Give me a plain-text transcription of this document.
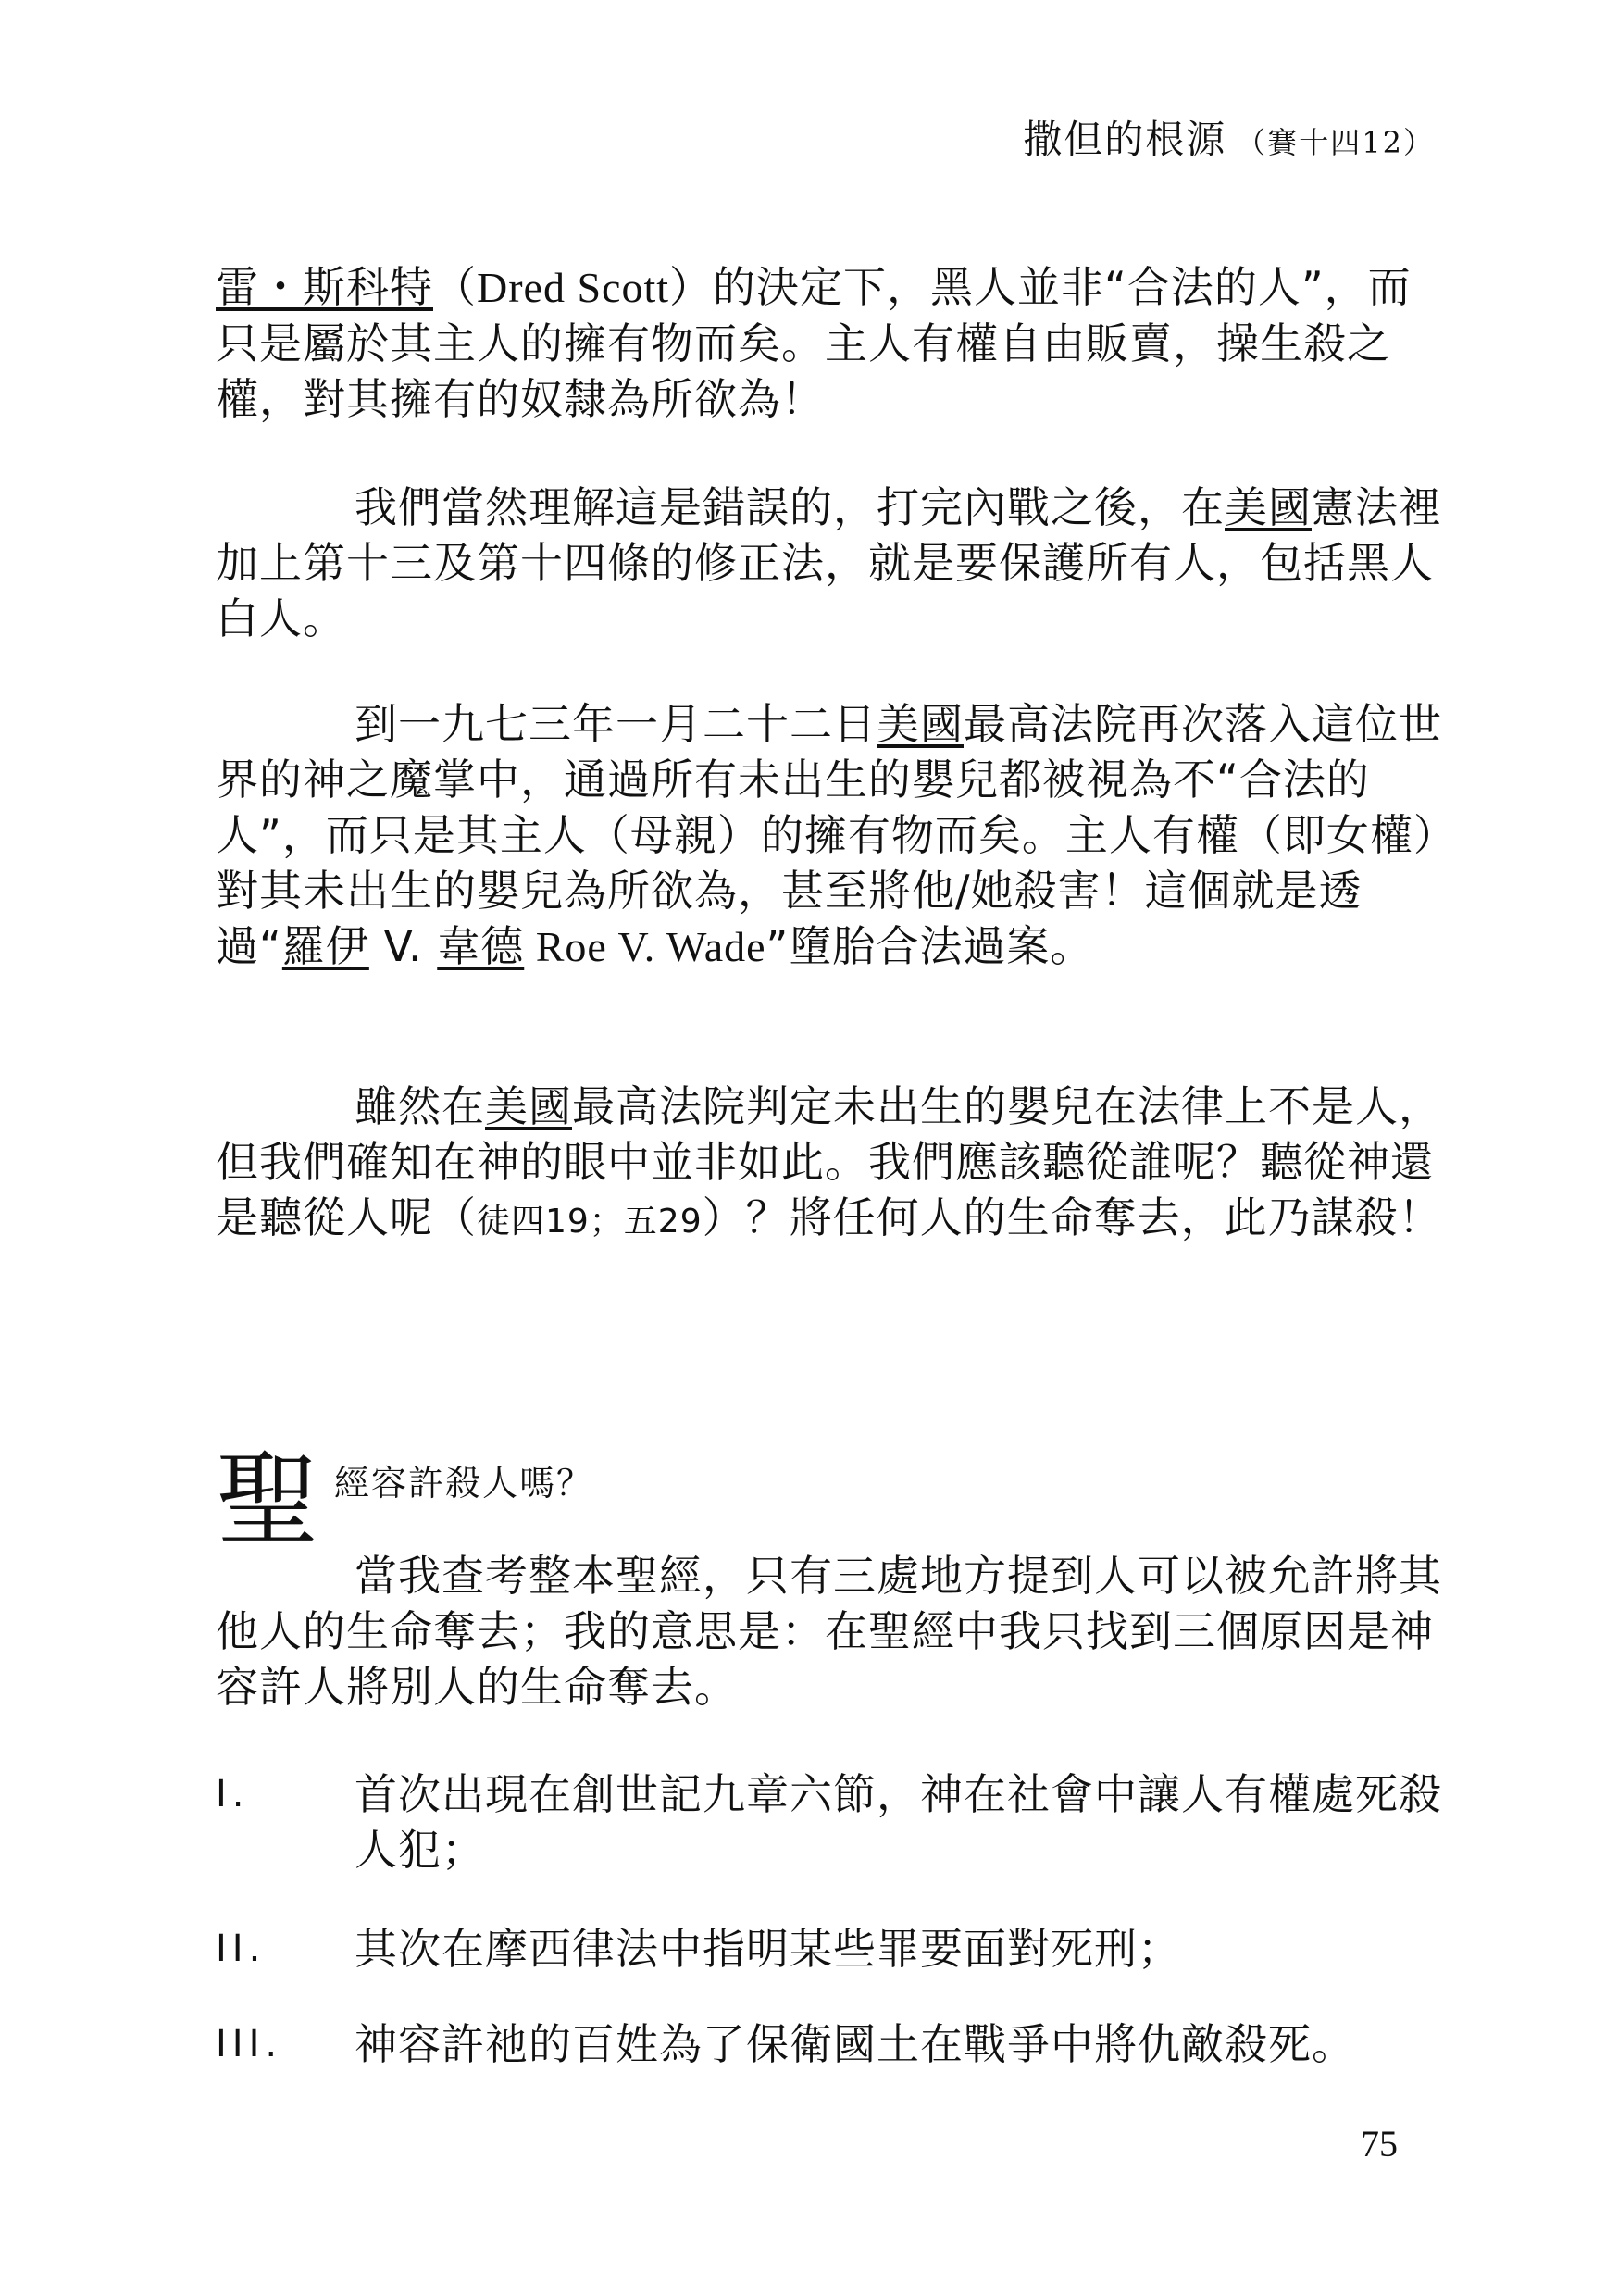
撒但的根源 （賽十四12）
雷・斯科特（Dred Scott）的決定下，黑人並非“合法的人”，而只是屬於其主人的擁有物而矣。主人有權自由販賣，操生殺之權，對其擁有的奴隸為所欲為！
我們當然理解這是錯誤的，打完內戰之後，在美國憲法裡加上第十三及第十四條的修正法，就是要保護所有人，包括黑人白人。
到一九七三年一月二十二日美國最高法院再次落入這位世界的神之魔掌中，通過所有未出生的嬰兒都被視為不“合法的人”，而只是其主人（母親）的擁有物而矣。主人有權（即女權）對其未出生的嬰兒為所欲為，甚至將他/她殺害！這個就是透過“羅伊 V. 韋德 Roe V. Wade”墮胎合法過案。
雖然在美國最高法院判定未出生的嬰兒在法律上不是人，但我們確知在神的眼中並非如此。我們應該聽從誰呢？聽從神還是聽從人呢（徒四19；五29）？將任何人的生命奪去，此乃謀殺！
聖 經容許殺人嗎？
當我查考整本聖經，只有三處地方提到人可以被允許將其他人的生命奪去；我的意思是：在聖經中我只找到三個原因是神容許人將別人的生命奪去。
I. 首次出現在創世記九章六節，神在社會中讓人有權處死殺人犯；
II. 其次在摩西律法中指明某些罪要面對死刑；
III. 神容許祂的百姓為了保衛國土在戰爭中將仇敵殺死。
75
